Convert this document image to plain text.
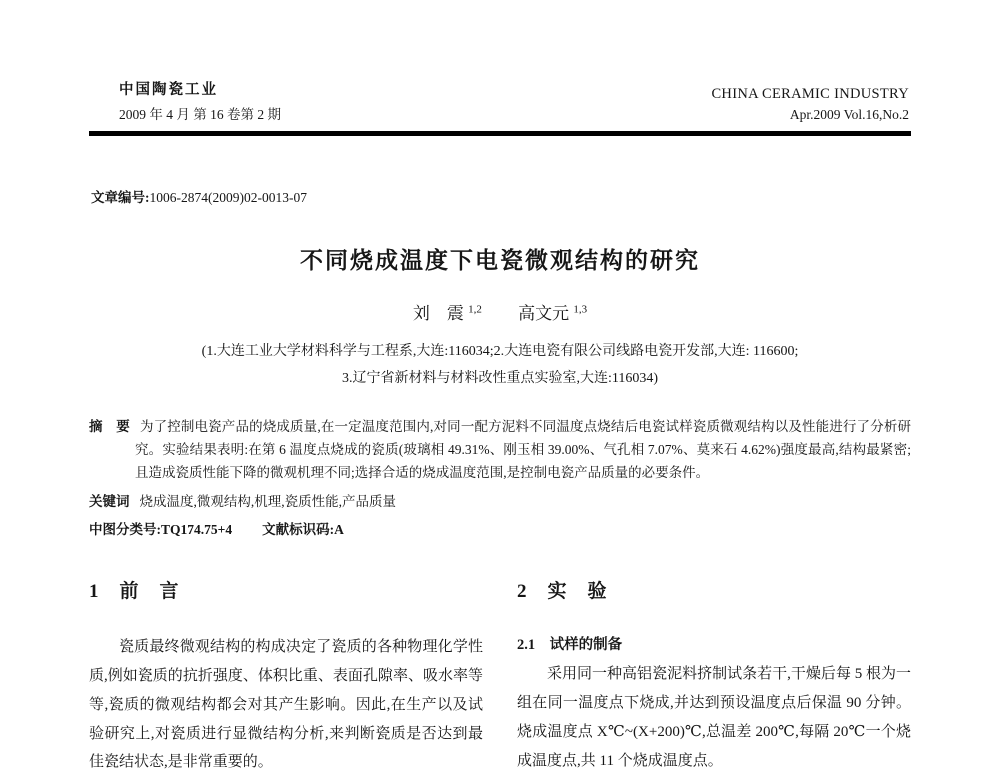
中国陶瓷工业
2009 年 4 月 第 16 卷第 2 期
CHINA CERAMIC INDUSTRY
Apr.2009 Vol.16,No.2
文章编号:1006-2874(2009)02-0013-07
不同烧成温度下电瓷微观结构的研究
刘　震 $^{1,2}$ 高文元 $^{1,3}$
(1.大连工业大学材料科学与工程系,大连:116034;2.大连电瓷有限公司线路电瓷开发部,大连: 116600;
3.辽宁省新材料与材料改性重点实验室,大连:116034)
摘　要 为了控制电瓷产品的烧成质量,在一定温度范围内,对同一配方泥料不同温度点烧结后电瓷试样瓷质微观结构以及性能进行了分析研究。实验结果表明:在第 6 温度点烧成的瓷质(玻璃相 49.31%、刚玉相 39.00%、气孔相 7.07%、莫来石 4.62%)强度最高,结构最紧密;且造成瓷质性能下降的微观机理不同;选择合适的烧成温度范围,是控制电瓷产品质量的必要条件。
关键词 烧成温度,微观结构,机理,瓷质性能,产品质量
中图分类号:TQ174.75+4 文献标识码:A
1　前　言

瓷质最终微观结构的构成决定了瓷质的各种物理化学性质,例如瓷质的抗折强度、体积比重、表面孔隙率、吸水率等等,瓷质的微观结构都会对其产生影响。因此,在生产以及试验研究上,对瓷质进行显微结构分析,来判断瓷质是否达到最佳瓷结状态,是非常重要的。

2　实　验
2.1　试样的制备

采用同一种高铝瓷泥料挤制试条若干,干燥后每 5 根为一组在同一温度点下烧成,并达到预设温度点后保温 90 分钟。烧成温度点 X℃~(X+200)℃,总温差 200℃,每隔 20℃一个烧成温度点,共 11 个烧成温度点。
